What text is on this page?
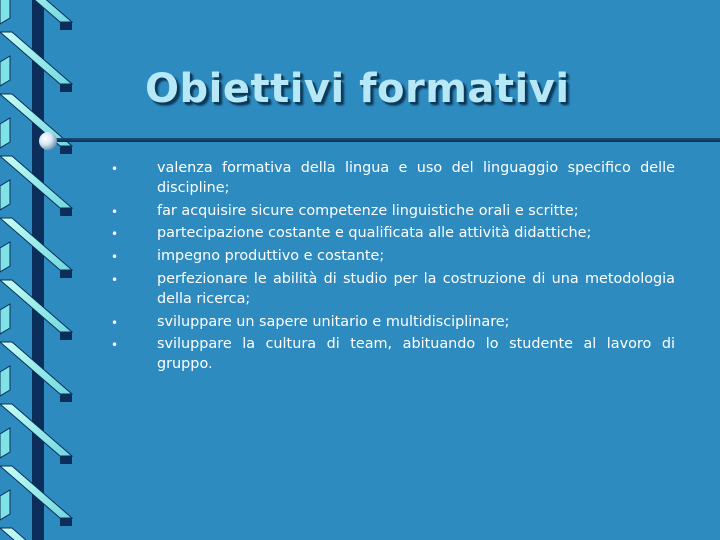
Obiettivi formativi
•	valenza formativa della lingua e uso del linguaggio specifico delle discipline;
•	far acquisire sicure competenze linguistiche orali e scritte;
•	partecipazione costante e qualificata alle attività didattiche;
•	impegno produttivo e costante;
•	perfezionare le abilità di studio per la costruzione di una metodologia della ricerca;
•	sviluppare un sapere unitario e multidisciplinare;
•	sviluppare la cultura di team, abituando lo studente al lavoro di gruppo.
